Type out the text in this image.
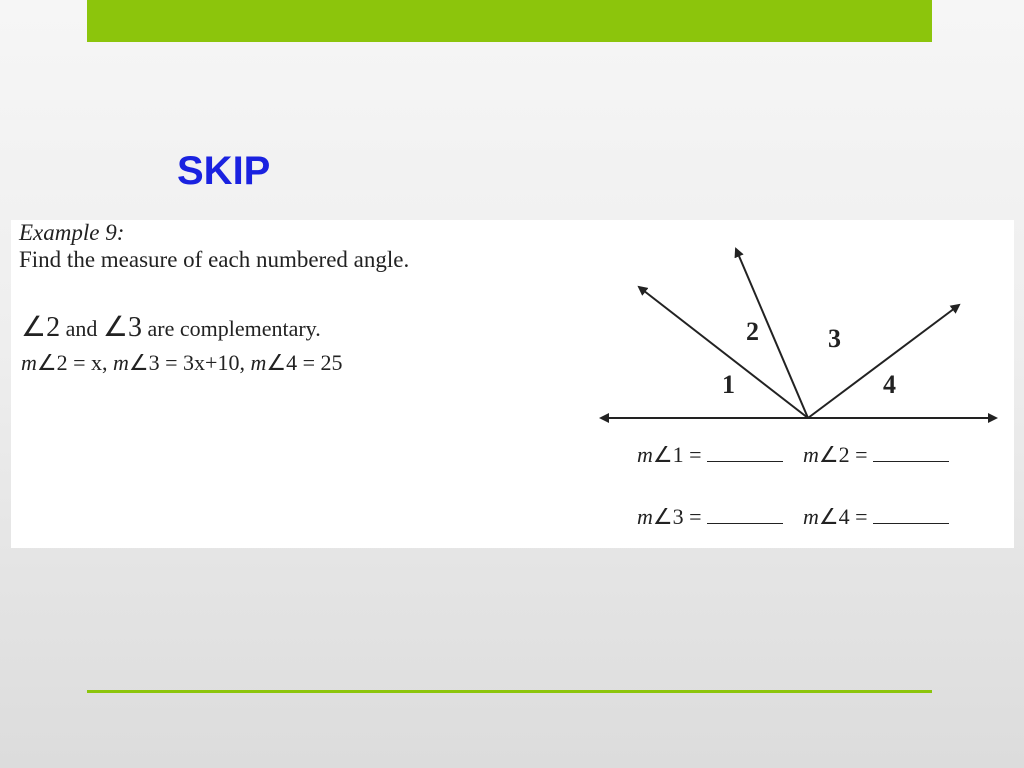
SKIP
Example 9:
Find the measure of each numbered angle.
∠2 and ∠3 are complementary.
m∠2 = x, m∠3 = 3x+10, m∠4 = 25
1
2	3
4
m∠1 =	m∠2 =
m∠3 =	m∠4 =
